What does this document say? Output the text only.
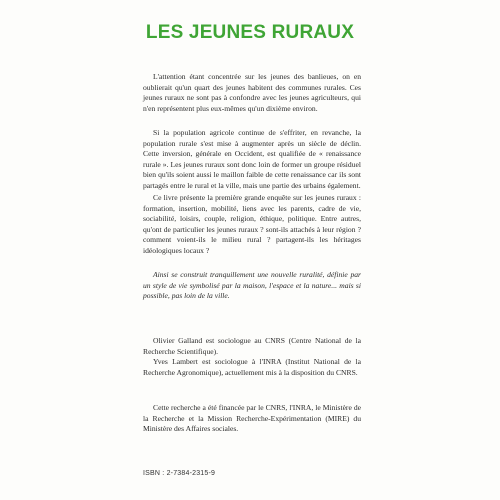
LES JEUNES RURAUX

L'attention étant concentrée sur les jeunes des banlieues, on en oublierait qu'un quart des jeunes habitent des communes rurales. Ces jeunes ruraux ne sont pas à confondre avec les jeunes agriculteurs, qui n'en représentent plus eux-mêmes qu'un dixième environ.

Si la population agricole continue de s'effriter, en revanche, la population rurale s'est mise à augmenter après un siècle de déclin. Cette inversion, générale en Occident, est qualifiée de « renaissance rurale ». Les jeunes ruraux sont donc loin de former un groupe résiduel bien qu'ils soient aussi le maillon faible de cette renaissance car ils sont partagés entre le rural et la ville, mais une partie des urbains également.

Ce livre présente la première grande enquête sur les jeunes ruraux : formation, insertion, mobilité, liens avec les parents, cadre de vie, sociabilité, loisirs, couple, religion, éthique, politique. Entre autres, qu'ont de particulier les jeunes ruraux ? sont-ils attachés à leur région ? comment voient-ils le milieu rural ? partagent-ils les héritages idéologiques locaux ?

Ainsi se construit tranquillement une nouvelle ruralité, définie par un style de vie symbolisé par la maison, l'espace et la nature... mais si possible, pas loin de la ville.

Olivier Galland est sociologue au CNRS (Centre National de la Recherche Scientifique).

Yves Lambert est sociologue à l'INRA (Institut National de la Recherche Agronomique), actuellement mis à la disposition du CNRS.

Cette recherche a été financée par le CNRS, l'INRA, le Ministère de la Recherche et la Mission Recherche-Expérimentation (MIRE) du Ministère des Affaires sociales.

ISBN : 2-7384-2315-9
